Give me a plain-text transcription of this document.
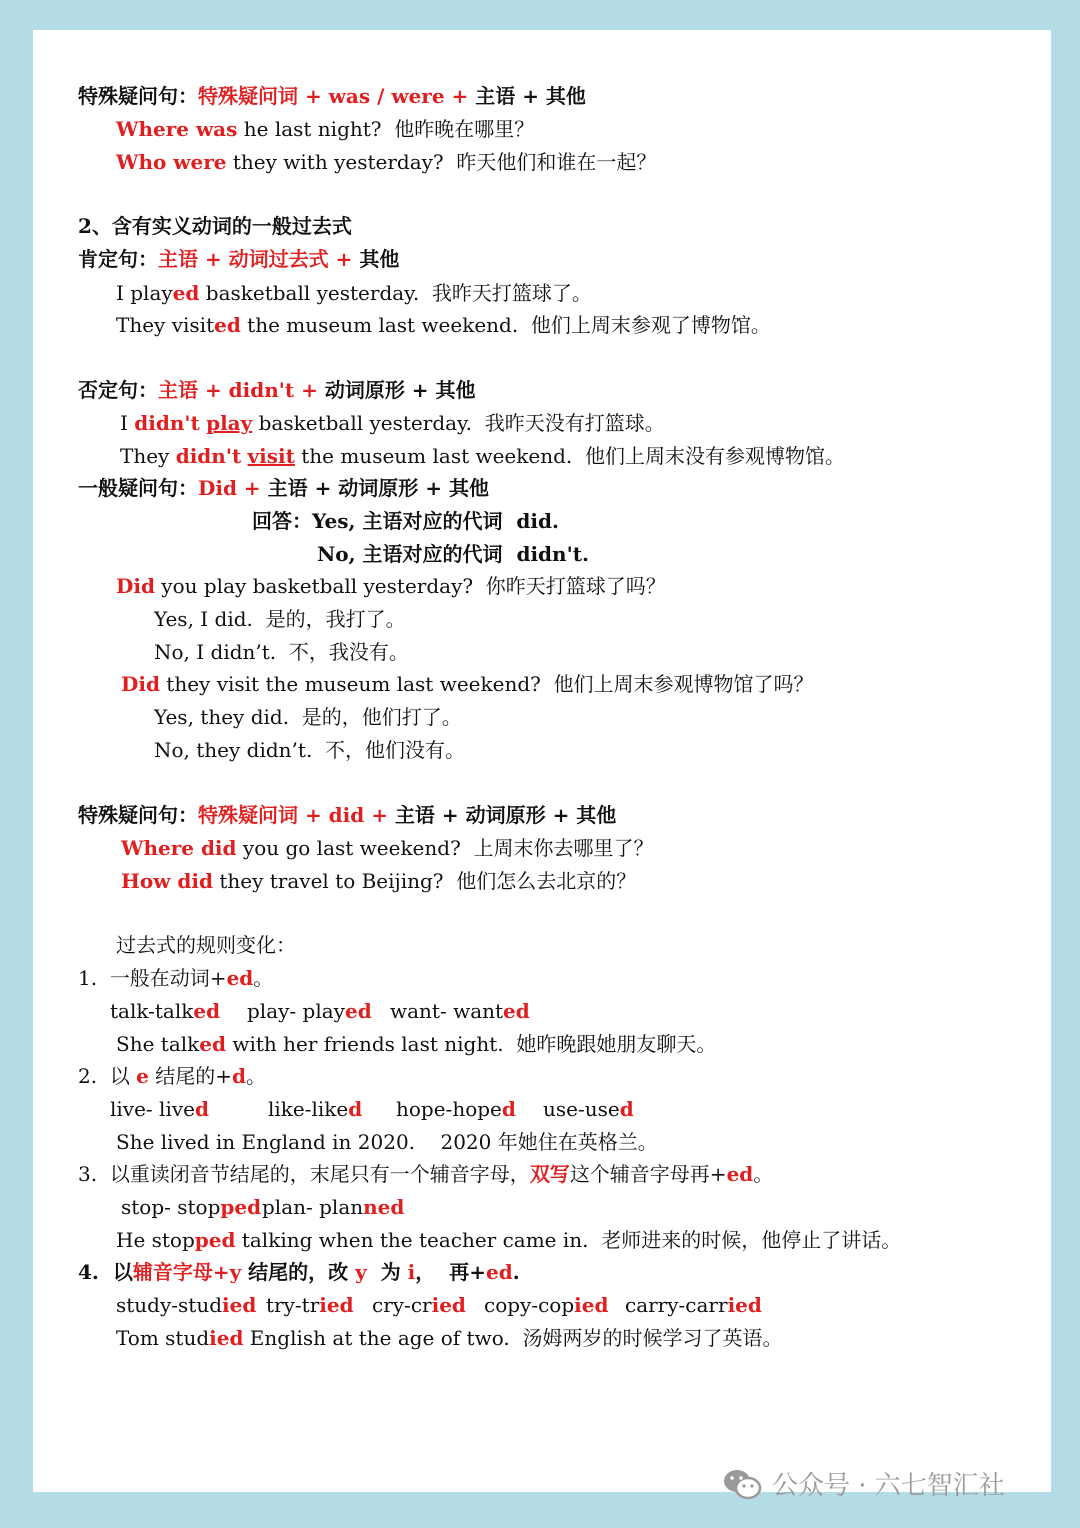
特殊疑问句：特殊疑问词 + was / were + 主语 + 其他
Where was he last night?  他昨晚在哪里？
Who were they with yesterday?  昨天他们和谁在一起？
2、含有实义动词的一般过去式
肯定句：主语 + 动词过去式 + 其他
I played basketball yesterday.  我昨天打篮球了。
They visited the museum last weekend.  他们上周末参观了博物馆。
否定句：主语 + didn't + 动词原形 + 其他
I didn't play basketball yesterday.  我昨天没有打篮球。
They didn't visit the museum last weekend.  他们上周末没有参观博物馆。
一般疑问句：Did + 主语 + 动词原形 + 其他
回答：Yes, 主语对应的代词  did.
No, 主语对应的代词  didn't.
Did you play basketball yesterday?  你昨天打篮球了吗？
Yes, I did.  是的，我打了。
No, I didn’t.  不，我没有。
Did they visit the museum last weekend?  他们上周末参观博物馆了吗？
Yes, they did.  是的，他们打了。
No, they didn’t.  不，他们没有。
特殊疑问句：特殊疑问词 + did + 主语 + 动词原形 + 其他
Where did you go last weekend?  上周末你去哪里了？
How did they travel to Beijing?  他们怎么去北京的？
过去式的规则变化：
1. 一般在动词+ed。
talk-talked play- played want- wanted
She talked with her friends last night.  她昨晚跟她朋友聊天。
2. 以 e 结尾的+d。
live- lived	like-liked hope-hoped use-used
She lived in England in 2020.    2020 年她住在英格兰。
3. 以重读闭音节结尾的，末尾只有一个辅音字母，双写这个辅音字母再+ed。
stop- stopped plan- planned
He stopped talking when the teacher came in.  老师进来的时候，他停止了讲话。
4. 以辅音字母+y 结尾的，改 y  为 i，  再+ed.
study-studied try-tried cry-cried copy-copied carry-carried
Tom studied English at the age of two.  汤姆两岁的时候学习了英语。
公众号 · 六七智汇社
